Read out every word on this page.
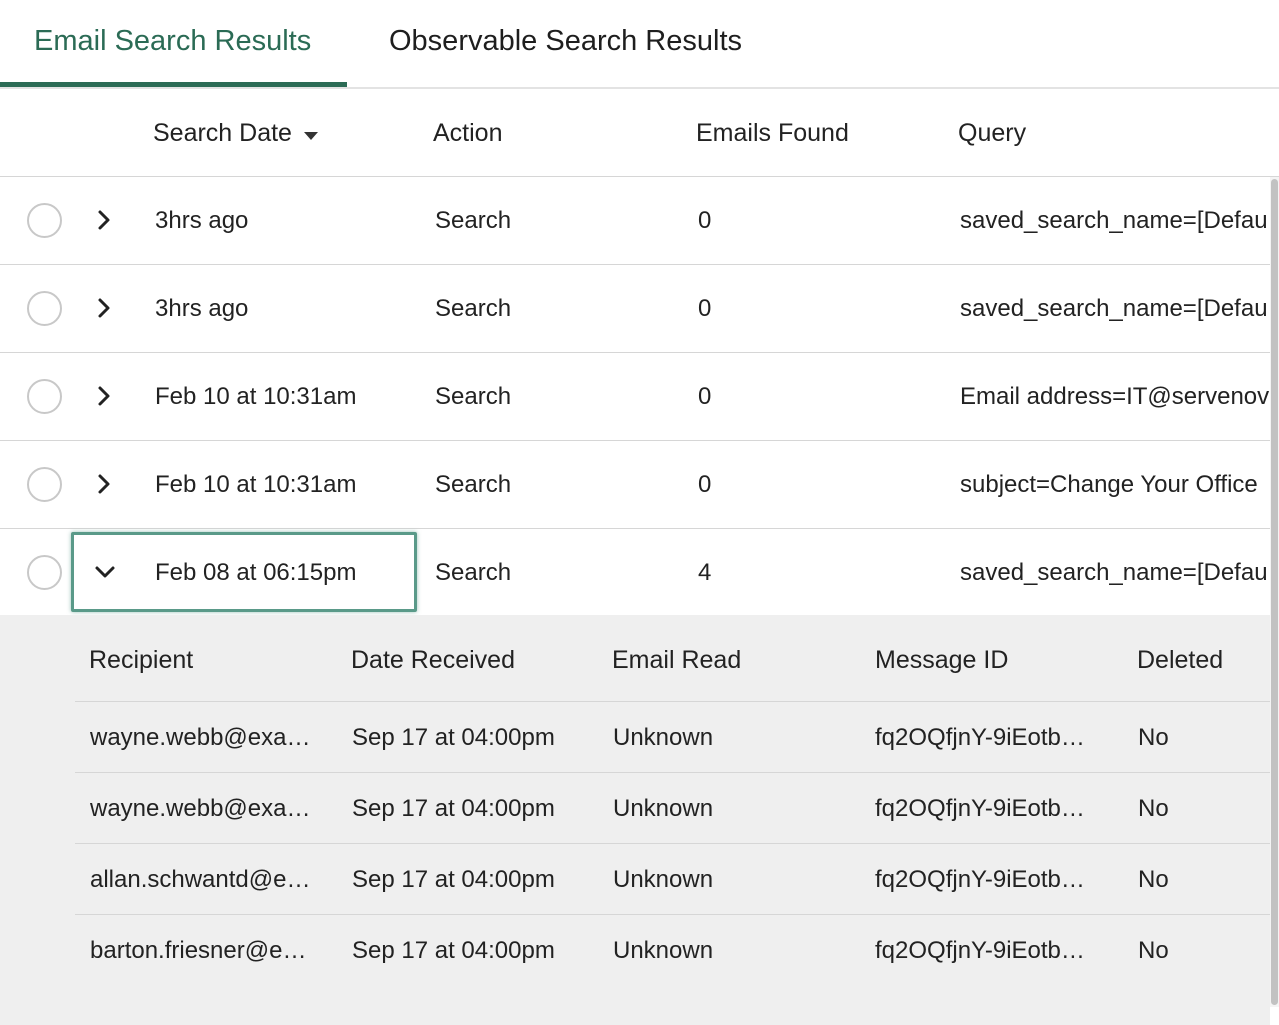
Email Search Results	Observable Search Results
Search Date	Action	Emails Found	Query
3hrs ago	Search	0	saved_search_name=[Defau
3hrs ago	Search	0	saved_search_name=[Defau
Feb 10 at 10:31am	Search	0	Email address=IT@servenov
Feb 10 at 10:31am	Search	0	subject=Change Your Office
Feb 08 at 06:15pm	Search	4	saved_search_name=[Defau
Recipient	Date Received	Email Read	Message ID	Deleted
wayne.webb@exa…	Sep 17 at 04:00pm Unknown	fq2OQfjnY-9iEotb…	No
wayne.webb@exa…	Sep 17 at 04:00pm Unknown	fq2OQfjnY-9iEotb…	No
allan.schwantd@e…	Sep 17 at 04:00pm Unknown	fq2OQfjnY-9iEotb…	No
barton.friesner@e…	Sep 17 at 04:00pm Unknown	fq2OQfjnY-9iEotb…	No
